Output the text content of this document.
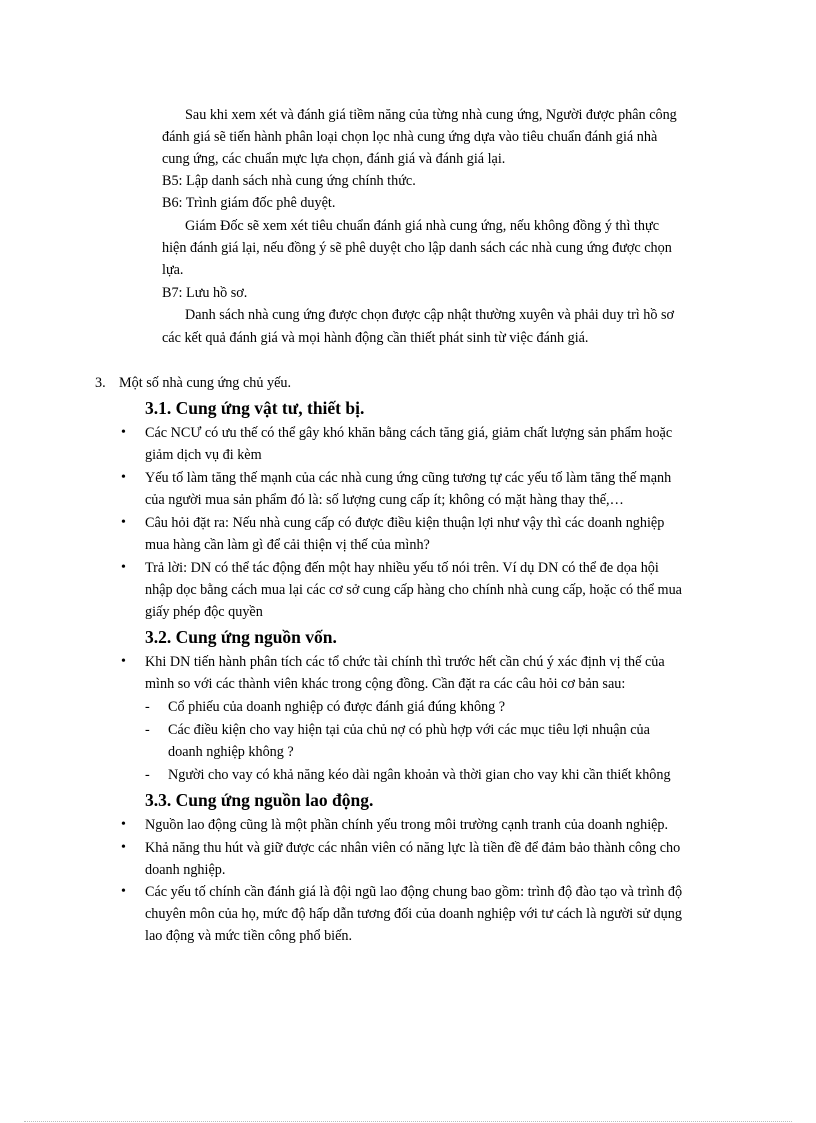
Sau khi xem xét và đánh giá tiềm năng của từng nhà cung ứng, Người được phân công
đánh giá sẽ tiến hành phân loại chọn lọc nhà cung ứng dựa vào tiêu chuẩn đánh giá nhà
cung ứng, các chuẩn mực lựa chọn, đánh giá và đánh giá lại.
B5: Lập danh sách nhà cung ứng chính thức.
B6: Trình giám đốc phê duyệt.
Giám Đốc sẽ xem xét tiêu chuẩn đánh giá nhà cung ứng, nếu không đồng ý thì thực
hiện đánh giá lại, nếu đồng ý sẽ phê duyệt cho lập danh sách các nhà cung ứng được chọn
lựa.
B7: Lưu hồ sơ.
Danh sách nhà cung ứng được chọn được cập nhật thường xuyên và phải duy trì hồ sơ
các kết quả đánh giá và mọi hành động cần thiết phát sinh từ việc đánh giá.
3. Một số nhà cung ứng chủ yếu.
3.1. Cung ứng vật tư, thiết bị.
• Các NCƯ có ưu thế có thể gây khó khăn bằng cách tăng giá, giảm chất lượng sản phẩm hoặc
giảm dịch vụ đi kèm
• Yếu tố làm tăng thế mạnh của các nhà cung ứng cũng tương tự các yếu tố làm tăng thế mạnh
của người mua sản phẩm đó là: số lượng cung cấp ít; không có mặt hàng thay thế,…
• Câu hỏi đặt ra: Nếu nhà cung cấp có được điều kiện thuận lợi như vậy thì các doanh nghiệp
mua hàng cần làm gì để cải thiện vị thế của mình?
• Trả lời: DN có thể tác động đến một hay nhiều yếu tố nói trên. Ví dụ DN có thể đe dọa hội
nhập dọc bằng cách mua lại các cơ sở cung cấp hàng cho chính nhà cung cấp, hoặc có thể mua
giấy phép độc quyền
3.2. Cung ứng nguồn vốn.
• Khi DN tiến hành phân tích các tổ chức tài chính thì trước hết cần chú ý xác định vị thế của
mình so với các thành viên khác trong cộng đồng. Cần đặt ra các câu hỏi cơ bản sau:
- Cổ phiếu của doanh nghiệp có được đánh giá đúng không ?
- Các điều kiện cho vay hiện tại của chủ nợ có phù hợp với các mục tiêu lợi nhuận của
doanh nghiệp không ?
- Người cho vay có khả năng kéo dài ngân khoản và thời gian cho vay khi cần thiết không
3.3. Cung ứng nguồn lao động.
• Nguồn lao động cũng là một phần chính yếu trong môi trường cạnh tranh của doanh nghiệp.
• Khả năng thu hút và giữ được các nhân viên có năng lực là tiền đề để đảm bảo thành công cho
doanh nghiệp.
• Các yếu tố chính cần đánh giá là đội ngũ lao động chung bao gồm: trình độ đào tạo và trình độ
chuyên môn của họ, mức độ hấp dẫn tương đối của doanh nghiệp với tư cách là người sử dụng
lao động và mức tiền công phổ biến.
